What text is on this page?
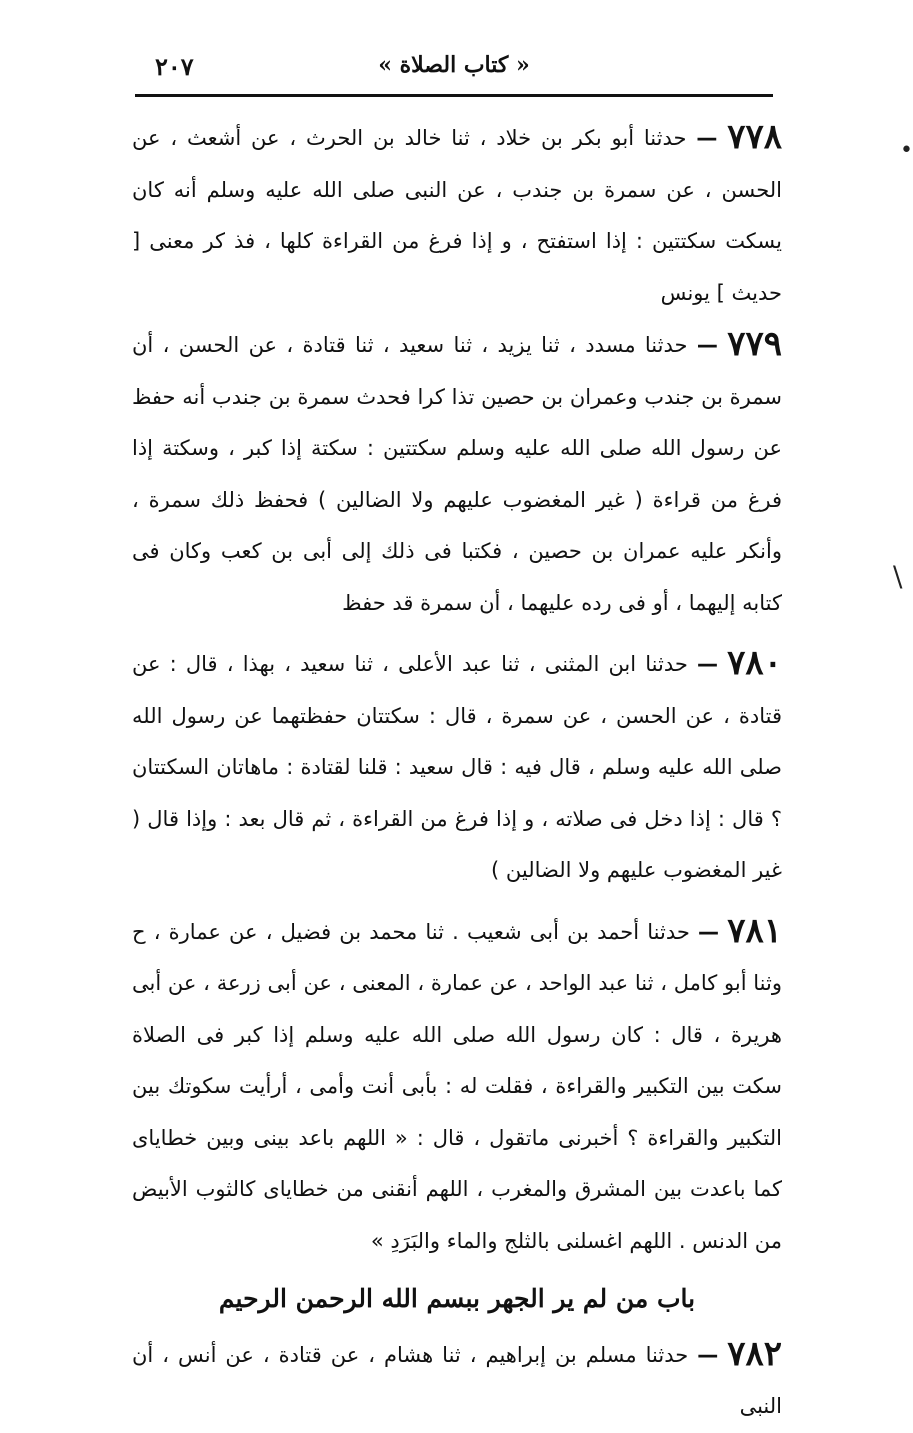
« كتاب الصلاة »
٢٠٧
•
\

٧٧٨ — حدثنا أبو بكر بن خلاد ، ثنا خالد بن الحرث ، عن أشعث ، عن الحسن ، عن سمرة بن جندب ، عن النبى صلى الله عليه وسلم أنه كان يسكت سكتتين : إذا استفتح ، و إذا فرغ من القراءة كلها ، فذ كر معنى [ حديث ] يونس

٧٧٩ — حدثنا مسدد ، ثنا يزيد ، ثنا سعيد ، ثنا قتادة ، عن الحسن ، أن سمرة بن جندب وعمران بن حصين تذا كرا فحدث سمرة بن جندب أنه حفظ عن رسول الله صلى الله عليه وسلم سكتتين : سكتة إذا كبر ، وسكتة إذا فرغ من قراءة ( غير المغضوب عليهم ولا الضالين ) فحفظ ذلك سمرة ، وأنكر عليه عمران بن حصين ، فكتبا فى ذلك إلى أبى بن كعب وكان فى كتابه إليهما ، أو فى رده عليهما ، أن سمرة قد حفظ

٧٨٠ — حدثنا ابن المثنى ، ثنا عبد الأعلى ، ثنا سعيد ، بهذا ، قال : عن قتادة ، عن الحسن ، عن سمرة ، قال : سكتتان حفظتهما عن رسول الله صلى الله عليه وسلم ، قال فيه : قال سعيد : قلنا لقتادة : ماهاتان السكتتان ؟ قال : إذا دخل فى صلاته ، و إذا فرغ من القراءة ، ثم قال بعد : وإذا قال ( غير المغضوب عليهم ولا الضالين )

٧٨١ — حدثنا أحمد بن أبى شعيب . ثنا محمد بن فضيل ، عن عمارة ، ح وثنا أبو كامل ، ثنا عبد الواحد ، عن عمارة ، المعنى ، عن أبى زرعة ، عن أبى هريرة ، قال : كان رسول الله صلى الله عليه وسلم إذا كبر فى الصلاة سكت بين التكبير والقراءة ، فقلت له : بأبى أنت وأمى ، أرأيت سكوتك بين التكبير والقراءة ؟ أخبرنى ماتقول ، قال : « اللهم باعد بينى وبين خطاياى كما باعدت بين المشرق والمغرب ، اللهم أنقنى من خطاياى كالثوب الأبيض من الدنس . اللهم اغسلنى بالثلج والماء والبَرَدِ »

باب من لم ير الجهر ببسم الله الرحمن الرحيم

٧٨٢ — حدثنا مسلم بن إبراهيم ، ثنا هشام ، عن قتادة ، عن أنس ، أن النبى
